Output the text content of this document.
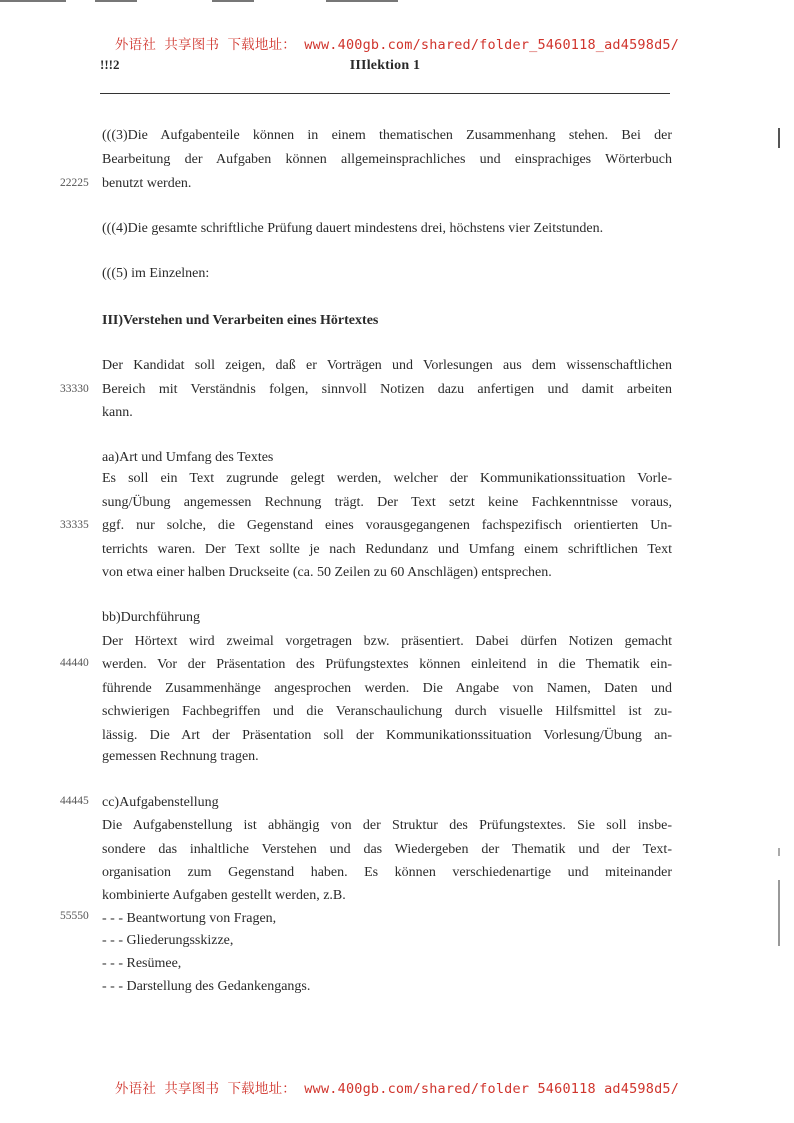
外语社 共享图书 下载地址： www.400gb.com/shared/folder_5460118_ad4598d5/
!!!2	IIIlektion 1
22225
33330
33335
44440
44445
55550
(((3)Die Aufgabenteile können in einem thematischen Zusammenhang stehen. Bei der
Bearbeitung der Aufgaben können allgemeinsprachliches und einsprachiges Wörterbuch
benutzt werden.
(((4)Die gesamte schriftliche Prüfung dauert mindestens drei, höchstens vier Zeitstunden.
(((5) im Einzelnen:
III)Verstehen und Verarbeiten eines Hörtextes
Der Kandidat soll zeigen, daß er Vorträgen und Vorlesungen aus dem wissenschaftlichen
Bereich mit Verständnis folgen, sinnvoll Notizen dazu anfertigen und damit arbeiten
kann.
aa)Art und Umfang des Textes
Es soll ein Text zugrunde gelegt werden, welcher der Kommunikationssituation Vorle-
sung/Übung angemessen Rechnung trägt. Der Text setzt keine Fachkenntnisse voraus,
ggf. nur solche, die Gegenstand eines vorausgegangenen fachspezifisch orientierten Un-
terrichts waren. Der Text sollte je nach Redundanz und Umfang einem schriftlichen Text
von etwa einer halben Druckseite (ca. 50 Zeilen zu 60 Anschlägen) entsprechen.
bb)Durchführung
Der Hörtext wird zweimal vorgetragen bzw. präsentiert. Dabei dürfen Notizen gemacht
werden. Vor der Präsentation des Prüfungstextes können einleitend in die Thematik ein-
führende Zusammenhänge angesprochen werden. Die Angabe von Namen, Daten und
schwierigen Fachbegriffen und die Veranschaulichung durch visuelle Hilfsmittel ist zu-
lässig. Die Art der Präsentation soll der Kommunikationssituation Vorlesung/Übung an-
gemessen Rechnung tragen.
cc)Aufgabenstellung
Die Aufgabenstellung ist abhängig von der Struktur des Prüfungstextes. Sie soll insbe-
sondere das inhaltliche Verstehen und das Wiedergeben der Thematik und der Text-
organisation zum Gegenstand haben. Es können verschiedenartige und miteinander
kombinierte Aufgaben gestellt werden, z.B.
- - - Beantwortung von Fragen,
- - - Gliederungsskizze,
- - - Resümee,
- - - Darstellung des Gedankengangs.
外语社 共享图书 下载地址： www.400gb.com/shared/folder 5460118 ad4598d5/
